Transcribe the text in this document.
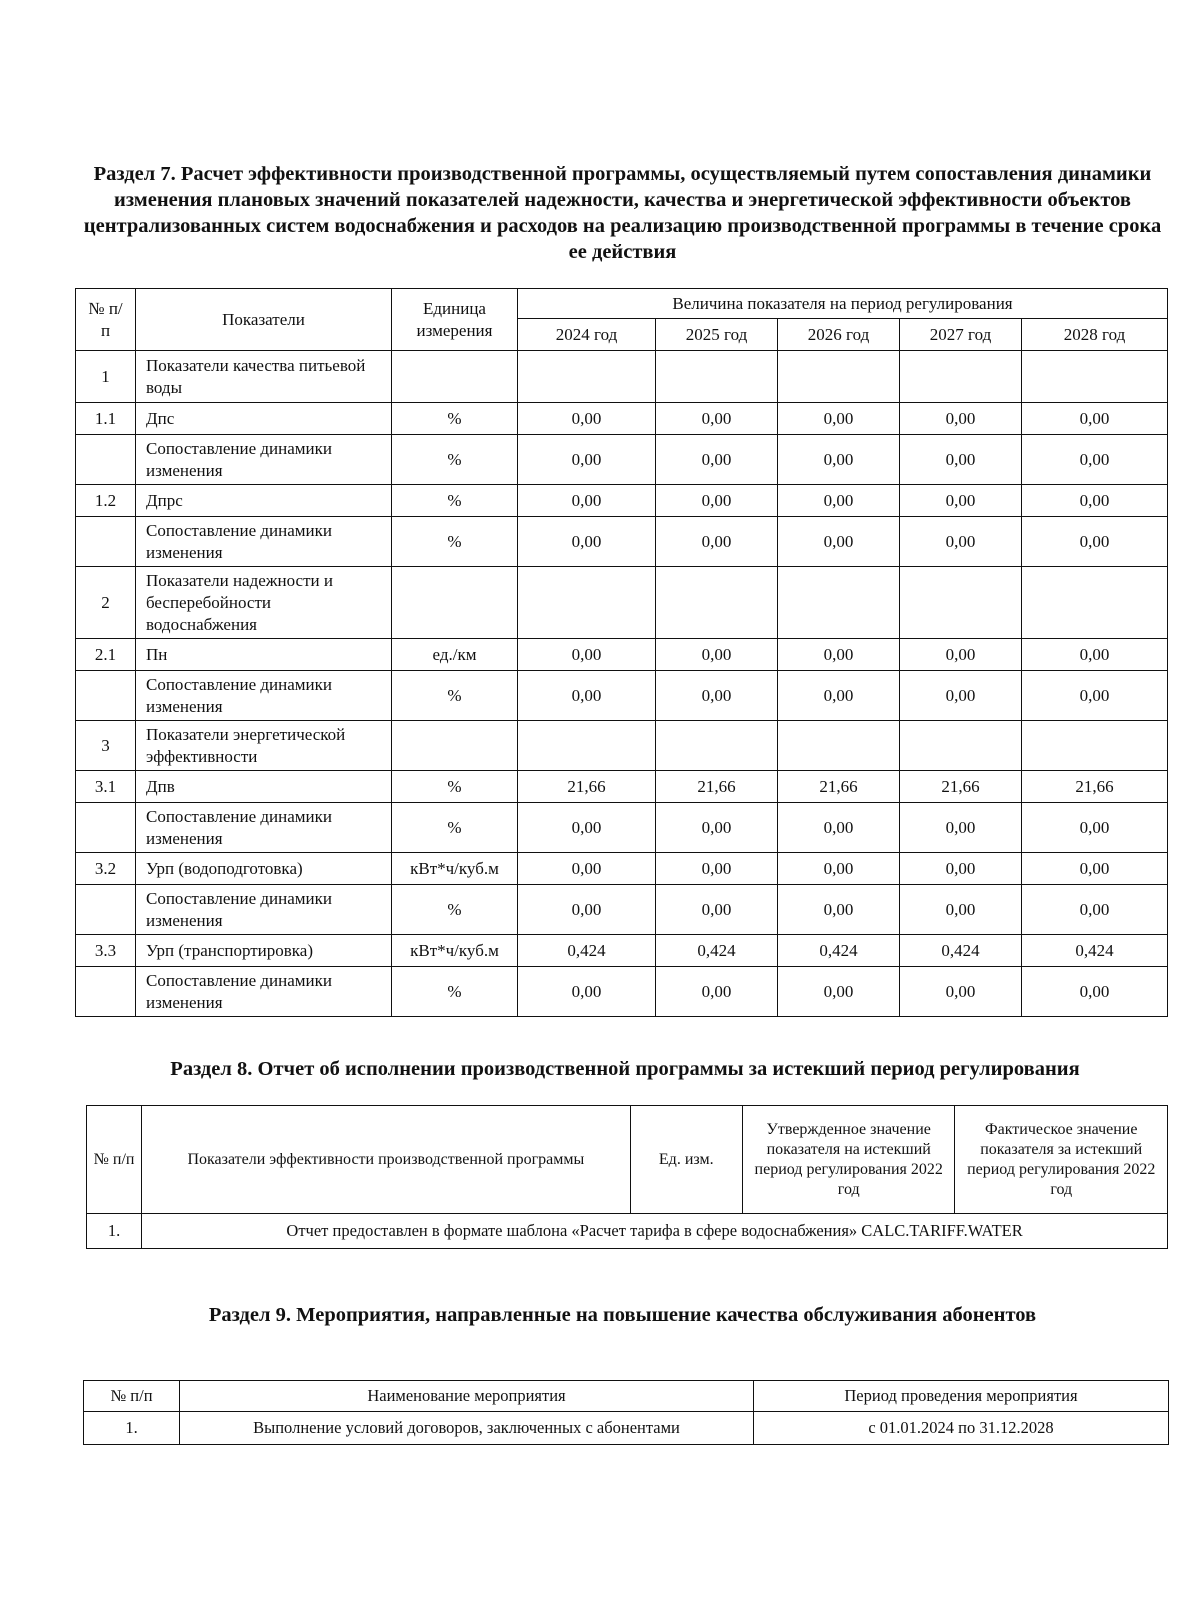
Раздел 7. Расчет эффективности производственной программы, осуществляемый путем сопоставления динамики изменения плановых значений показателей надежности, качества и энергетической эффективности объектов централизованных систем водоснабжения и расходов на реализацию производственной программы в течение срока ее действия
№ п/п	Показатели	Единица измерения	Величина показателя на период регулирования				
			2024 год	2025 год	2026 год	2027 год	2028 год
1	Показатели качества питьевой воды						
1.1	Дпс	%	0,00	0,00	0,00	0,00	0,00
	Сопоставление динамики изменения	%	0,00	0,00	0,00	0,00	0,00
1.2	Дпрс	%	0,00	0,00	0,00	0,00	0,00
	Сопоставление динамики изменения	%	0,00	0,00	0,00	0,00	0,00
2	Показатели надежности и бесперебойности водоснабжения						
2.1	Пн	ед./км	0,00	0,00	0,00	0,00	0,00
	Сопоставление динамики изменения	%	0,00	0,00	0,00	0,00	0,00
3	Показатели энергетической эффективности						
3.1	Дпв	%	21,66	21,66	21,66	21,66	21,66
	Сопоставление динамики изменения	%	0,00	0,00	0,00	0,00	0,00
3.2	Урп (водоподготовка)	кВт*ч/куб.м	0,00	0,00	0,00	0,00	0,00
	Сопоставление динамики изменения	%	0,00	0,00	0,00	0,00	0,00
3.3	Урп (транспортировка)	кВт*ч/куб.м	0,424	0,424	0,424	0,424	0,424
	Сопоставление динамики изменения	%	0,00	0,00	0,00	0,00	0,00
Раздел 8. Отчет об исполнении производственной программы за истекший период регулирования
№ п/п	Показатели эффективности производственной программы	Ед. изм.	Утвержденное значение показателя на истекший период регулирования 2022 год	Фактическое значение показателя за истекший период регулирования 2022 год
1.	Отчет предоставлен в формате шаблона «Расчет тарифа в сфере водоснабжения» CALC.TARIFF.WATER			
Раздел 9. Мероприятия, направленные на повышение качества обслуживания абонентов
№ п/п	Наименование мероприятия	Период проведения мероприятия
1.	Выполнение условий договоров, заключенных с абонентами	с 01.01.2024 по 31.12.2028
